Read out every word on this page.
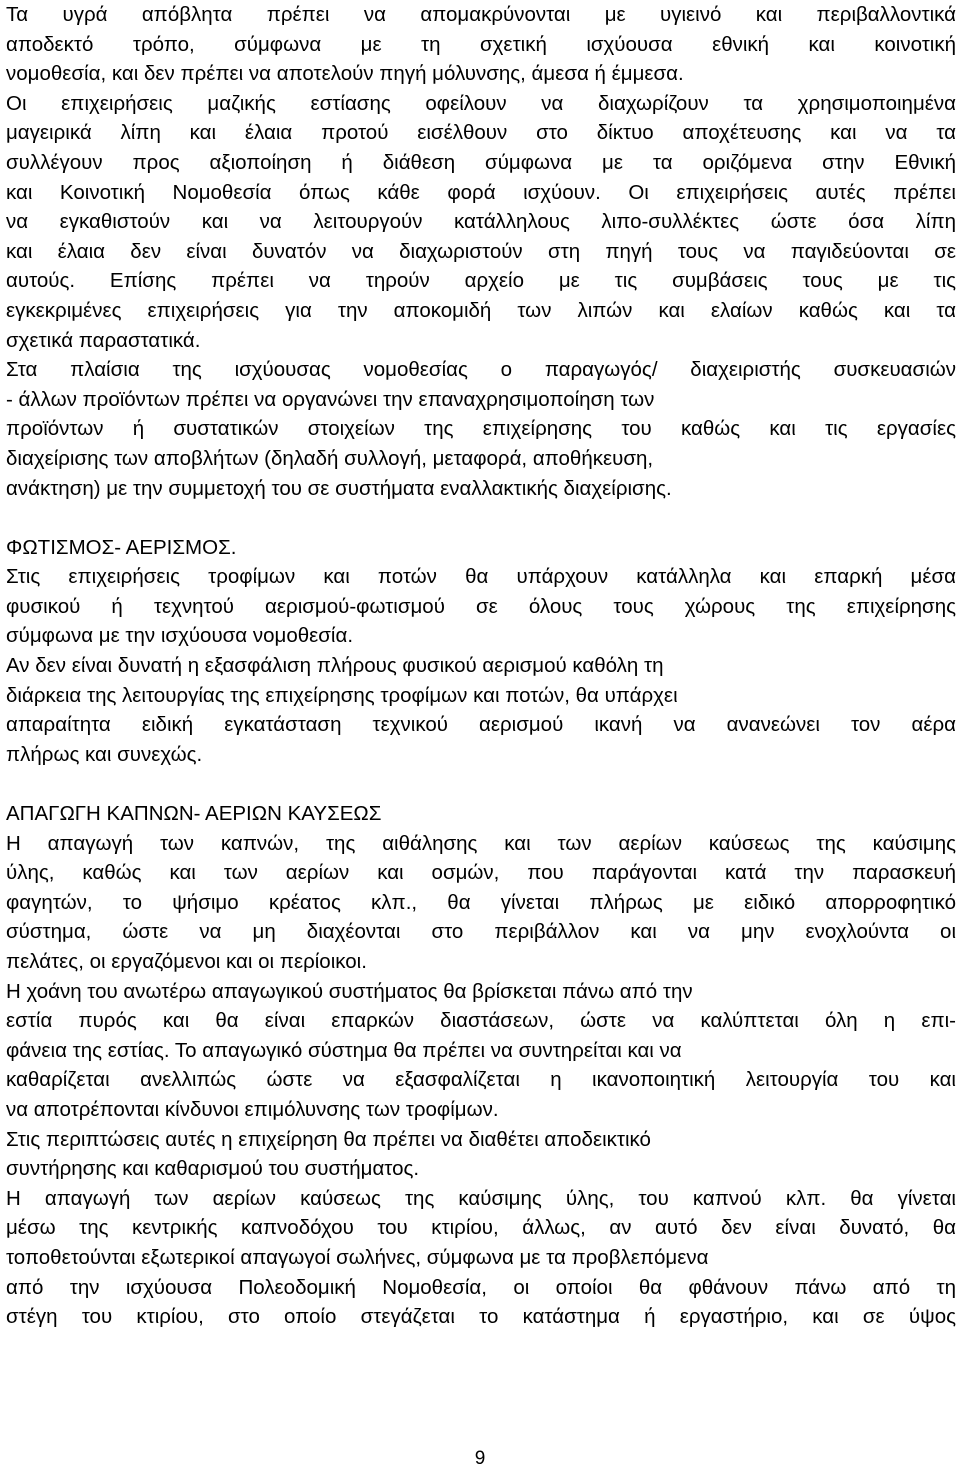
Τα υγρά απόβλητα πρέπει να απομακρύνονται με υγιεινό και περιβαλλοντικά
αποδεκτό τρόπο, σύμφωνα με τη σχετική ισχύουσα εθνική και κοινοτική
νομοθεσία, και δεν πρέπει να αποτελούν πηγή μόλυνσης, άμεσα ή έμμεσα.
Οι επιχειρήσεις μαζικής εστίασης οφείλουν να διαχωρίζουν τα χρησιμοποιημένα
μαγειρικά λίπη και έλαια προτού εισέλθουν στο δίκτυο αποχέτευσης και να τα
συλλέγουν προς αξιοποίηση ή διάθεση σύμφωνα με τα οριζόμενα στην Εθνική
και Κοινοτική Νομοθεσία όπως κάθε φορά ισχύουν. Οι επιχειρήσεις αυτές πρέπει
να εγκαθιστούν και να λειτουργούν κατάλληλους λιπο-συλλέκτες ώστε όσα λίπη
και έλαια δεν είναι δυνατόν να διαχωριστούν στη πηγή τους να παγιδεύονται σε
αυτούς. Επίσης πρέπει να τηρούν αρχείο με τις συμβάσεις τους με τις
εγκεκριμένες επιχειρήσεις για την αποκομιδή των λιπών και ελαίων καθώς και τα
σχετικά παραστατικά.
Στα πλαίσια της ισχύουσας νομοθεσίας ο παραγωγός/ διαχειριστής συσκευασιών
- άλλων προϊόντων πρέπει να οργανώνει την επαναχρησιμοποίηση των
προϊόντων ή συστατικών στοιχείων της επιχείρησης του καθώς και τις εργασίες
διαχείρισης των αποβλήτων (δηλαδή συλλογή, μεταφορά, αποθήκευση,
ανάκτηση) με την συμμετοχή του σε συστήματα εναλλακτικής διαχείρισης.
ΦΩΤΙΣΜΟΣ- ΑΕΡΙΣΜΟΣ.
Στις επιχειρήσεις τροφίμων και ποτών θα υπάρχουν κατάλληλα και επαρκή μέσα
φυσικού ή τεχνητού αερισμού-φωτισμού σε όλους τους χώρους της επιχείρησης
σύμφωνα με την ισχύουσα νομοθεσία.
Αν δεν είναι δυνατή η εξασφάλιση πλήρους φυσικού αερισμού καθόλη τη
διάρκεια της λειτουργίας της επιχείρησης τροφίμων και ποτών, θα υπάρχει
απαραίτητα ειδική εγκατάσταση τεχνικού αερισμού ικανή να ανανεώνει τον αέρα
πλήρως και συνεχώς.
ΑΠΑΓΩΓΗ ΚΑΠΝΩΝ- ΑΕΡΙΩΝ ΚΑΥΣΕΩΣ
Η απαγωγή των καπνών, της αιθάλησης και των αερίων καύσεως της καύσιμης
ύλης, καθώς και των αερίων και οσμών, που παράγονται κατά την παρασκευή
φαγητών, το ψήσιμο κρέατος κλπ., θα γίνεται πλήρως με ειδικό απορροφητικό
σύστημα, ώστε να μη διαχέονται στο περιβάλλον και να μην ενοχλούντα οι
πελάτες, οι εργαζόμενοι και οι περίοικοι.
Η χοάνη του ανωτέρω απαγωγικού συστήματος θα βρίσκεται πάνω από την
εστία πυρός και θα είναι επαρκών διαστάσεων, ώστε να καλύπτεται όλη η επι-
φάνεια της εστίας. Το απαγωγικό σύστημα θα πρέπει να συντηρείται και να
καθαρίζεται ανελλιπώς ώστε να εξασφαλίζεται η ικανοποιητική λειτουργία του και
να αποτρέπονται κίνδυνοι επιμόλυνσης των τροφίμων.
Στις περιπτώσεις αυτές η επιχείρηση θα πρέπει να διαθέτει αποδεικτικό
συντήρησης και καθαρισμού του συστήματος.
Η απαγωγή των αερίων καύσεως της καύσιμης ύλης, του καπνού κλπ. θα γίνεται
μέσω της κεντρικής καπνοδόχου του κτιρίου, άλλως, αν αυτό δεν είναι δυνατό, θα
τοποθετούνται εξωτερικοί απαγωγοί σωλήνες, σύμφωνα με τα προβλεπόμενα
από την ισχύουσα Πολεοδομική Νομοθεσία, οι οποίοι θα φθάνουν πάνω από τη
στέγη του κτιρίου, στο οποίο στεγάζεται το κατάστημα ή εργαστήριο, και σε ύψος
9
